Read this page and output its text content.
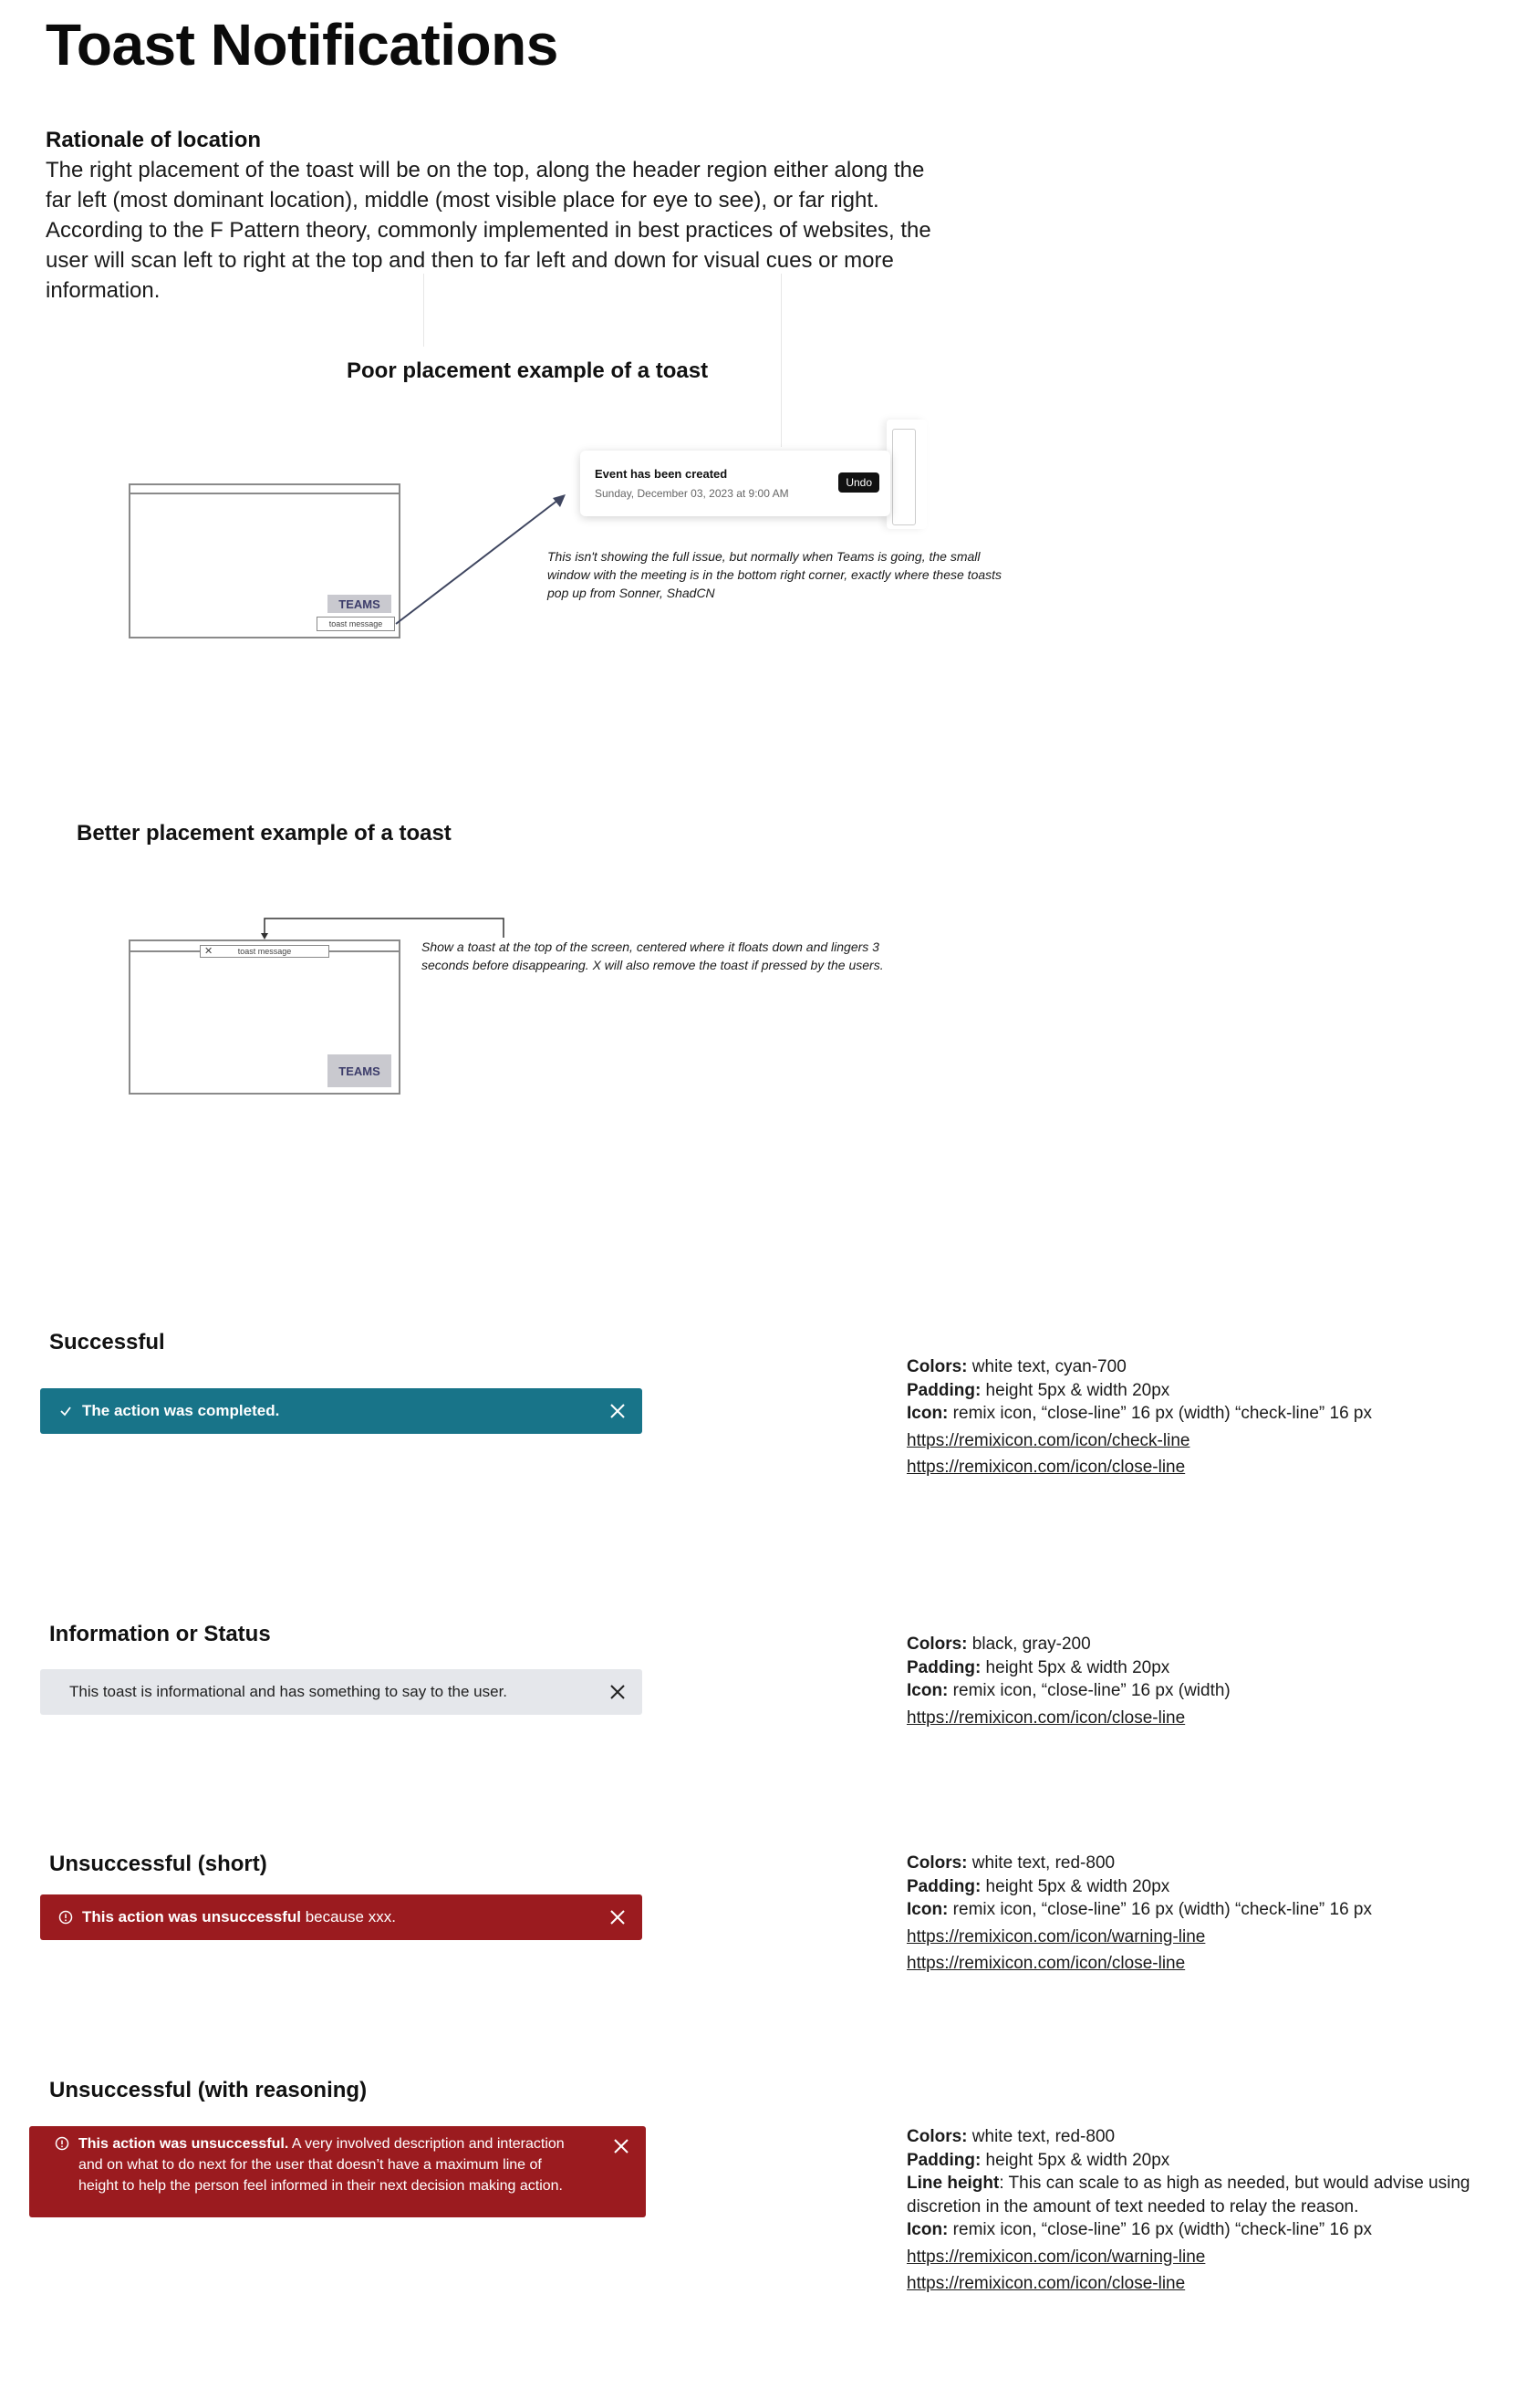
Toast Notifications
Rationale of location
The right placement of the toast will be on the top, along the header region either along the far left (most dominant location), middle (most visible place for eye to see), or far right. According to the F Pattern theory, commonly implemented in best practices of websites, the user will scan left to right at the top and then to far left and down for visual cues or more information.
Poor placement example of a toast
TEAMS
toast message
Event has been created
Sunday, December 03, 2023 at 9:00 AM
Undo
This isn't showing the full issue, but normally when Teams is going, the small window with the meeting is in the bottom right corner, exactly where these toasts pop up from Sonner, ShadCN
Better placement example of a toast
✕	toast message
TEAMS
Show a toast at the top of the screen, centered where it floats down and lingers 3 seconds before disappearing. X will also remove the toast if pressed by the users.
Successful
The action was completed.
Colors: white text, cyan-700
Padding: height 5px & width 20px
Icon: remix icon, “close-line” 16 px (width) “check-line” 16 px
https://remixicon.com/icon/check-line
https://remixicon.com/icon/close-line
Information or Status
This toast is informational and has something to say to the user.
Colors: black, gray-200
Padding: height 5px & width 20px
Icon: remix icon, “close-line” 16 px (width)
https://remixicon.com/icon/close-line
Unsuccessful (short)
This action was unsuccessful because xxx.
Colors: white text, red-800
Padding: height 5px & width 20px
Icon: remix icon, “close-line” 16 px (width) “check-line” 16 px
https://remixicon.com/icon/warning-line
https://remixicon.com/icon/close-line
Unsuccessful (with reasoning)
This action was unsuccessful. A very involved description and interaction and on what to do next for the user that doesn’t have a maximum line of height to help the person feel informed in their next decision making action.
Colors: white text, red-800
Padding: height 5px & width 20px
Line height: This can scale to as high as needed, but would advise using discretion in the amount of text needed to relay the reason.
Icon: remix icon, “close-line” 16 px (width) “check-line” 16 px
https://remixicon.com/icon/warning-line
https://remixicon.com/icon/close-line
